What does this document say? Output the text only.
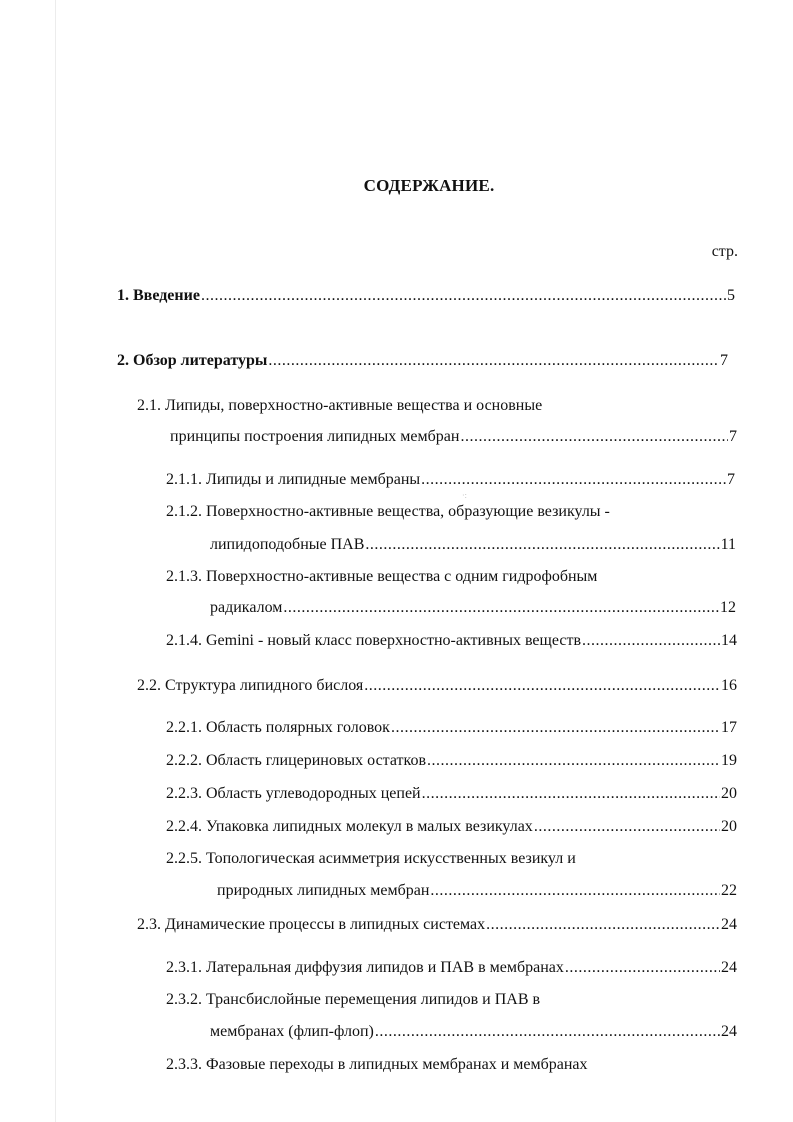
СОДЕРЖАНИЕ.
стр.
1. Введение .....	5
2. Обзор литературы .....	7
2.1. Липиды, поверхностно-активные вещества и основные
принципы построения липидных мембран .....	7
2.1.1. Липиды и липидные мембраны .....	7
·:
2.1.2. Поверхностно-активные вещества, образующие везикулы -
липидоподобные ПАВ .....	11
2.1.3. Поверхностно-активные вещества с одним гидрофобным
радикалом .....	12
2.1.4. Gemini - новый класс поверхностно-активных веществ .....	14
2.2. Структура липидного бислоя .....	16
2.2.1. Область полярных головок .....	17
2.2.2. Область глицериновых остатков .....	19
2.2.3. Область углеводородных цепей .....	20
2.2.4. Упаковка липидных молекул в малых везикулах .....	20
2.2.5. Топологическая асимметрия искусственных везикул и
природных липидных мембран .....	22
2.3. Динамические процессы в липидных системах .....	24
2.3.1. Латеральная диффузия липидов и ПАВ в мембранах .....	24
2.3.2. Трансбислойные перемещения липидов и ПАВ в
мембранах (флип-флоп) .....	24
2.3.3. Фазовые переходы в липидных мембранах и мембранах
